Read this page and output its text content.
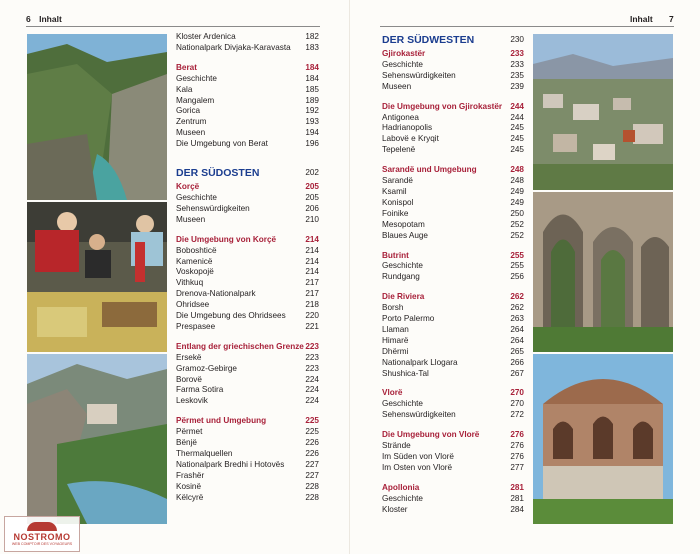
6 Inhalt
Kloster Ardenica	182
Nationalpark Divjaka-Karavasta 183
Berat	184
Geschichte	184
Kala	185
Mangalem	189
Gorica	192
Zentrum	193
Museen	194
Die Umgebung von Berat	196
DER SÜDOSTEN	202
Korçë	205
Geschichte	205
Sehenswürdigkeiten	206
Museen	210
Die Umgebung von Korçë	214
Boboshticë	214
Kamenicë	214
Voskopojë	214
Vithkuq	217
Drenova-Nationalpark	217
Ohridsee	218
Die Umgebung des Ohridsees 220
Prespasee	221
Entlang der griechischen Grenze 223
Ersekë	223
Gramoz-Gebirge	223
Borovë	224
Farma Sotira	224
Leskovik	224
Përmet und Umgebung	225
Përmet	225
Bënjë	226
Thermalquellen	226
Nationalpark Bredhi i Hotovës	227
Frashër	227
Kosinë	228
Këlcyrë	228
NOSTROMO
WEB COMPTOIR DES VOYAGEURS
Inhalt 7
DER SÜDWESTEN	230
Gjirokastër	233
Geschichte	233
Sehenswürdigkeiten	235
Museen	239
Die Umgebung von Gjirokastër 244
Antigonea	244
Hadrianopolis	245
Labovë e Kryqit	245
Tepelenë	245
Sarandë und Umgebung	248
Sarandë	248
Ksamil	249
Konispol	249
Foinike	250
Mesopotam	252
Blaues Auge	252
Butrint	255
Geschichte	255
Rundgang	256
Die Riviera	262
Borsh	262
Porto Palermo	263
Llaman	264
Himarë	264
Dhërmi	265
Nationalpark Llogara	266
Shushica-Tal	267
Vlorë	270
Geschichte	270
Sehenswürdigkeiten	272
Die Umgebung von Vlorë	276
Strände	276
Im Süden von Vlorë	276
Im Osten von Vlorë	277
Apollonia	281
Geschichte	281
Kloster	284
